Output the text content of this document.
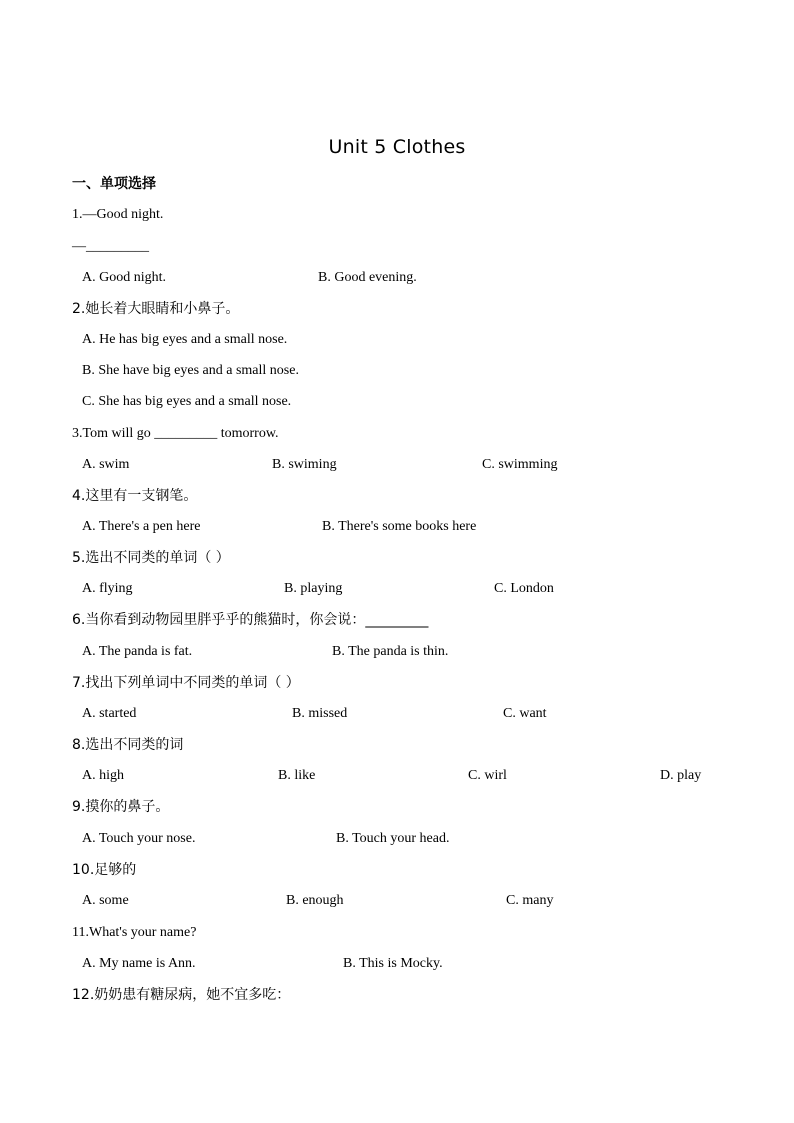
Unit 5 Clothes
一、单项选择
1.—Good night.
—_________
A. Good night.	B. Good evening.
2.她长着大眼睛和小鼻子。
A. He has big eyes and a small nose.
B. She have big eyes and a small nose.
C. She has big eyes and a small nose.
3.Tom will go _________ tomorrow.
A. swim	B. swiming	C. swimming
4.这里有一支钢笔。
A. There's a pen here	B. There's some books here
5.选出不同类的单词（ ）
A. flying	B. playing	C. London
6.当你看到动物园里胖乎乎的熊猫时，你会说：_________
A. The panda is fat.	B. The panda is thin.
7.找出下列单词中不同类的单词（ ）
A. started	B. missed	C. want
8.选出不同类的词
A. high	B. like	C. wirl	D. play
9.摸你的鼻子。
A. Touch your nose.	B. Touch your head.
10.足够的
A. some	B. enough	C. many
11.What's your name?
A. My name is Ann.	B. This is Mocky.
12.奶奶患有糖尿病，她不宜多吃：
